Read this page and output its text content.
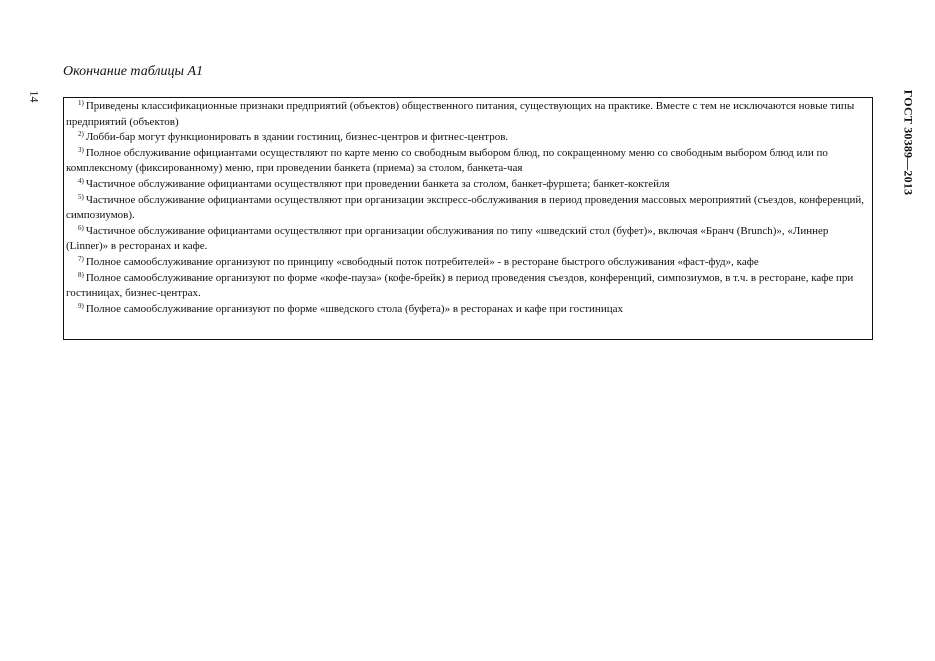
14	ГОСТ 30389—2013
Окончание таблицы А1

$^{1)}$ Приведены классификационные признаки предприятий (объектов) общественного питания, существующих на практике. Вместе с тем не исключаются новые типы предприятий (объектов)

$^{2)}$ Лобби-бар могут функционировать в здании гостиниц, бизнес-центров и фитнес-центров.

$^{3)}$ Полное обслуживание официантами осуществляют по карте меню со свободным выбором блюд, по сокращенному меню со свободным выбором блюд или по комплексному (фиксированному) меню, при проведении банкета (приема) за столом, банкета-чая

$^{4)}$ Частичное обслуживание официантами осуществляют при проведении банкета за столом, банкет-фуршета; банкет-коктейля

$^{5)}$ Частичное обслуживание официантами осуществляют при организации экспресс-обслуживания в период проведения массовых мероприятий (съездов, конференций, симпозиумов).

$^{6)}$ Частичное обслуживание официантами осуществляют при организации обслуживания по типу «шведский стол (буфет)», включая «Бранч (Brunch)», «Линнер (Linner)» в ресторанах и кафе.

$^{7)}$ Полное самообслуживание организуют по принципу «свободный поток потребителей» - в ресторане быстрого обслуживания «фаст-фуд», кафе

$^{8)}$ Полное самообслуживание организуют по форме «кофе-пауза» (кофе-брейк) в период проведения съездов, конференций, симпозиумов, в т.ч. в ресторане, кафе при гостиницах, бизнес-центрах.

$^{9)}$ Полное самообслуживание организуют по форме «шведского стола (буфета)» в ресторанах и кафе при гостиницах
